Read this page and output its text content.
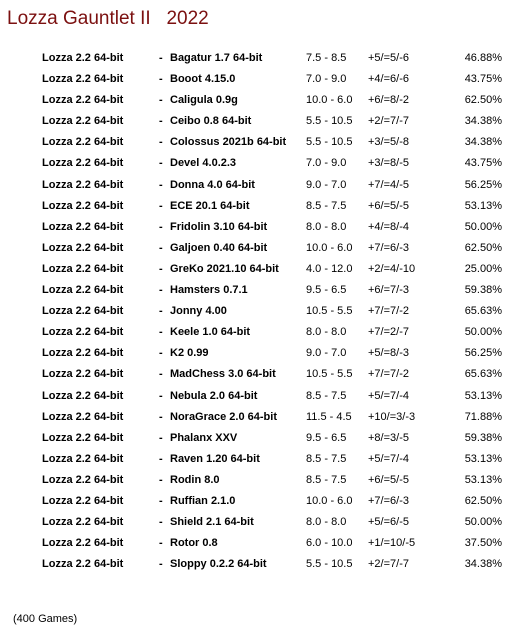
Lozza Gauntlet II   2022
Lozza 2.2 64-bit	- Bagatur 1.7 64-bit	7.5 - 8.5 +5/=5/-6	46.88%
Lozza 2.2 64-bit	- Booot 4.15.0	7.0 - 9.0 +4/=6/-6	43.75%
Lozza 2.2 64-bit	- Caligula 0.9g	10.0 - 6.0 +6/=8/-2	62.50%
Lozza 2.2 64-bit	- Ceibo 0.8 64-bit	5.5 - 10.5 +2/=7/-7	34.38%
Lozza 2.2 64-bit	- Colossus 2021b 64-bit 5.5 - 10.5 +3/=5/-8	34.38%
Lozza 2.2 64-bit	- Devel 4.0.2.3	7.0 - 9.0 +3/=8/-5	43.75%
Lozza 2.2 64-bit	- Donna 4.0 64-bit	9.0 - 7.0 +7/=4/-5	56.25%
Lozza 2.2 64-bit	- ECE 20.1 64-bit	8.5 - 7.5 +6/=5/-5	53.13%
Lozza 2.2 64-bit	- Fridolin 3.10 64-bit	8.0 - 8.0 +4/=8/-4	50.00%
Lozza 2.2 64-bit	- Galjoen 0.40 64-bit	10.0 - 6.0 +7/=6/-3	62.50%
Lozza 2.2 64-bit	- GreKo 2021.10 64-bit 4.0 - 12.0 +2/=4/-10	25.00%
Lozza 2.2 64-bit	- Hamsters 0.7.1	9.5 - 6.5 +6/=7/-3	59.38%
Lozza 2.2 64-bit	- Jonny 4.00	10.5 - 5.5 +7/=7/-2	65.63%
Lozza 2.2 64-bit	- Keele 1.0 64-bit	8.0 - 8.0 +7/=2/-7	50.00%
Lozza 2.2 64-bit	- K2 0.99	9.0 - 7.0 +5/=8/-3	56.25%
Lozza 2.2 64-bit	- MadChess 3.0 64-bit	10.5 - 5.5 +7/=7/-2	65.63%
Lozza 2.2 64-bit	- Nebula 2.0 64-bit	8.5 - 7.5 +5/=7/-4	53.13%
Lozza 2.2 64-bit	- NoraGrace 2.0 64-bit	11.5 - 4.5 +10/=3/-3	71.88%
Lozza 2.2 64-bit	- Phalanx XXV	9.5 - 6.5 +8/=3/-5	59.38%
Lozza 2.2 64-bit	- Raven 1.20 64-bit	8.5 - 7.5 +5/=7/-4	53.13%
Lozza 2.2 64-bit	- Rodin 8.0	8.5 - 7.5 +6/=5/-5	53.13%
Lozza 2.2 64-bit	- Ruffian 2.1.0	10.0 - 6.0 +7/=6/-3	62.50%
Lozza 2.2 64-bit	- Shield 2.1 64-bit	8.0 - 8.0 +5/=6/-5	50.00%
Lozza 2.2 64-bit	- Rotor 0.8	6.0 - 10.0 +1/=10/-5	37.50%
Lozza 2.2 64-bit	- Sloppy 0.2.2 64-bit	5.5 - 10.5 +2/=7/-7	34.38%
(400 Games)
